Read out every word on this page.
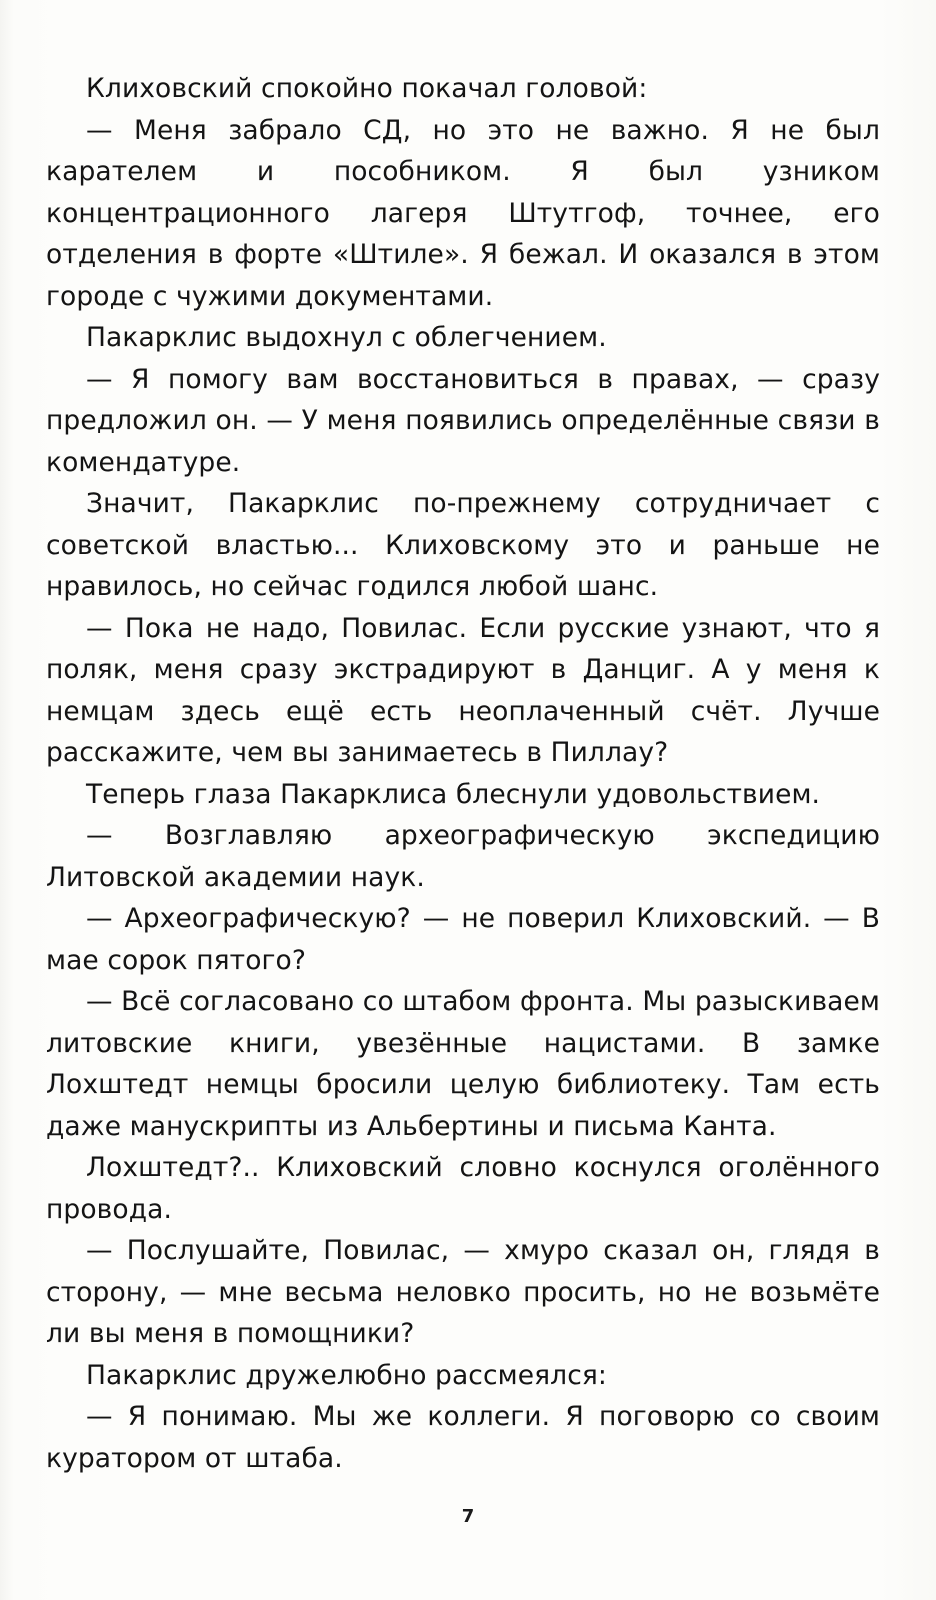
Клиховский спокойно покачал головой:

— Меня забрало СД, но это не важно. Я не был карателем и пособником. Я был узником концентрационного лагеря Штутгоф, точнее, его отделения в форте «Штиле». Я бежал. И оказался в этом городе с чужими документами.

Пакарклис выдохнул с облегчением.

— Я помогу вам восстановиться в правах, — сразу предложил он. — У меня появились определённые связи в комендатуре.

Значит, Пакарклис по-прежнему сотрудничает с советской властью... Клиховскому это и раньше не нравилось, но сейчас годился любой шанс.

— Пока не надо, Повилас. Если русские узнают, что я поляк, меня сразу экстрадируют в Данциг. А у меня к немцам здесь ещё есть неоплаченный счёт. Лучше расскажите, чем вы занимаетесь в Пиллау?

Теперь глаза Пакарклиса блеснули удовольствием.

— Возглавляю археографическую экспедицию Литовской академии наук.

— Археографическую? — не поверил Клиховский. — В мае сорок пятого?

— Всё согласовано со штабом фронта. Мы разыскиваем литовские книги, увезённые нацистами. В замке Лохштедт немцы бросили целую библиотеку. Там есть даже манускрипты из Альбертины и письма Канта.

Лохштедт?.. Клиховский словно коснулся оголённого провода.

— Послушайте, Повилас, — хмуро сказал он, глядя в сторону, — мне весьма неловко просить, но не возьмёте ли вы меня в помощники?

Пакарклис дружелюбно рассмеялся:

— Я понимаю. Мы же коллеги. Я поговорю со своим куратором от штаба.

7
